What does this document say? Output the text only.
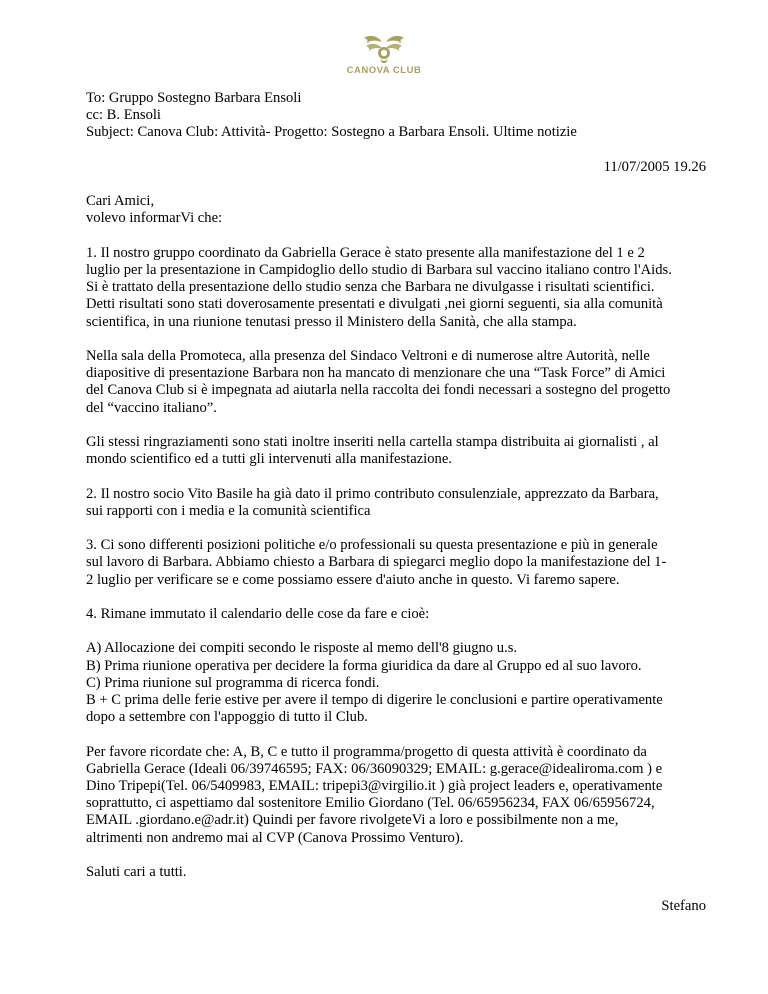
CANOVA CLUB
To: Gruppo Sostegno Barbara Ensoli
cc: B. Ensoli
Subject: Canova Club: Attività- Progetto: Sostegno a Barbara Ensoli. Ultime notizie
11/07/2005 19.26
Cari Amici,
volevo informarVi che:
1. Il nostro gruppo coordinato da Gabriella Gerace è stato presente alla manifestazione del 1 e 2
luglio per la presentazione in Campidoglio dello studio di Barbara sul vaccino italiano contro l'Aids.
Si è trattato della presentazione dello studio senza che Barbara ne divulgasse i risultati scientifici.
Detti risultati sono stati doverosamente presentati e divulgati ,nei giorni seguenti, sia alla comunità
scientifica, in una riunione tenutasi presso il Ministero della Sanità, che alla stampa.
Nella sala della Promoteca, alla presenza del Sindaco Veltroni e di numerose altre Autorità, nelle
diapositive di presentazione Barbara non ha mancato di menzionare che una “Task Force” di Amici
del Canova Club si è impegnata ad aiutarla nella raccolta dei fondi necessari a sostegno del progetto
del “vaccino italiano”.
Gli stessi ringraziamenti sono stati inoltre inseriti nella cartella stampa distribuita ai giornalisti , al
mondo scientifico ed a tutti gli intervenuti alla manifestazione.
2. Il nostro socio Vito Basile ha già dato il primo contributo consulenziale, apprezzato da Barbara,
sui rapporti con i media e la comunità scientifica
3. Ci sono differenti posizioni politiche e/o professionali su questa presentazione e più in generale
sul lavoro di Barbara. Abbiamo chiesto a Barbara di spiegarci meglio dopo la manifestazione del 1-
2 luglio per verificare se e come possiamo essere d'aiuto anche in questo. Vi faremo sapere.
4. Rimane immutato il calendario delle cose da fare e cioè:
A) Allocazione dei compiti secondo le risposte al memo dell'8 giugno u.s.
B) Prima riunione operativa per decidere la forma giuridica da dare al Gruppo ed al suo lavoro.
C) Prima riunione sul programma di ricerca fondi.
B + C prima delle ferie estive per avere il tempo di digerire le conclusioni e partire operativamente
dopo a settembre con l'appoggio di tutto il Club.
Per favore ricordate che: A, B, C e tutto il programma/progetto di questa attività è coordinato da
Gabriella Gerace (Ideali 06/39746595; FAX: 06/36090329; EMAIL: g.gerace@idealiroma.com ) e
Dino Tripepi(Tel. 06/5409983, EMAIL: tripepi3@virgilio.it ) già project leaders e, operativamente
soprattutto, ci aspettiamo dal sostenitore Emilio Giordano (Tel. 06/65956234, FAX 06/65956724,
EMAIL .giordano.e@adr.it) Quindi per favore rivolgeteVi a loro e possibilmente non a me,
altrimenti non andremo mai al CVP (Canova Prossimo Venturo).
Saluti cari a tutti.
Stefano
